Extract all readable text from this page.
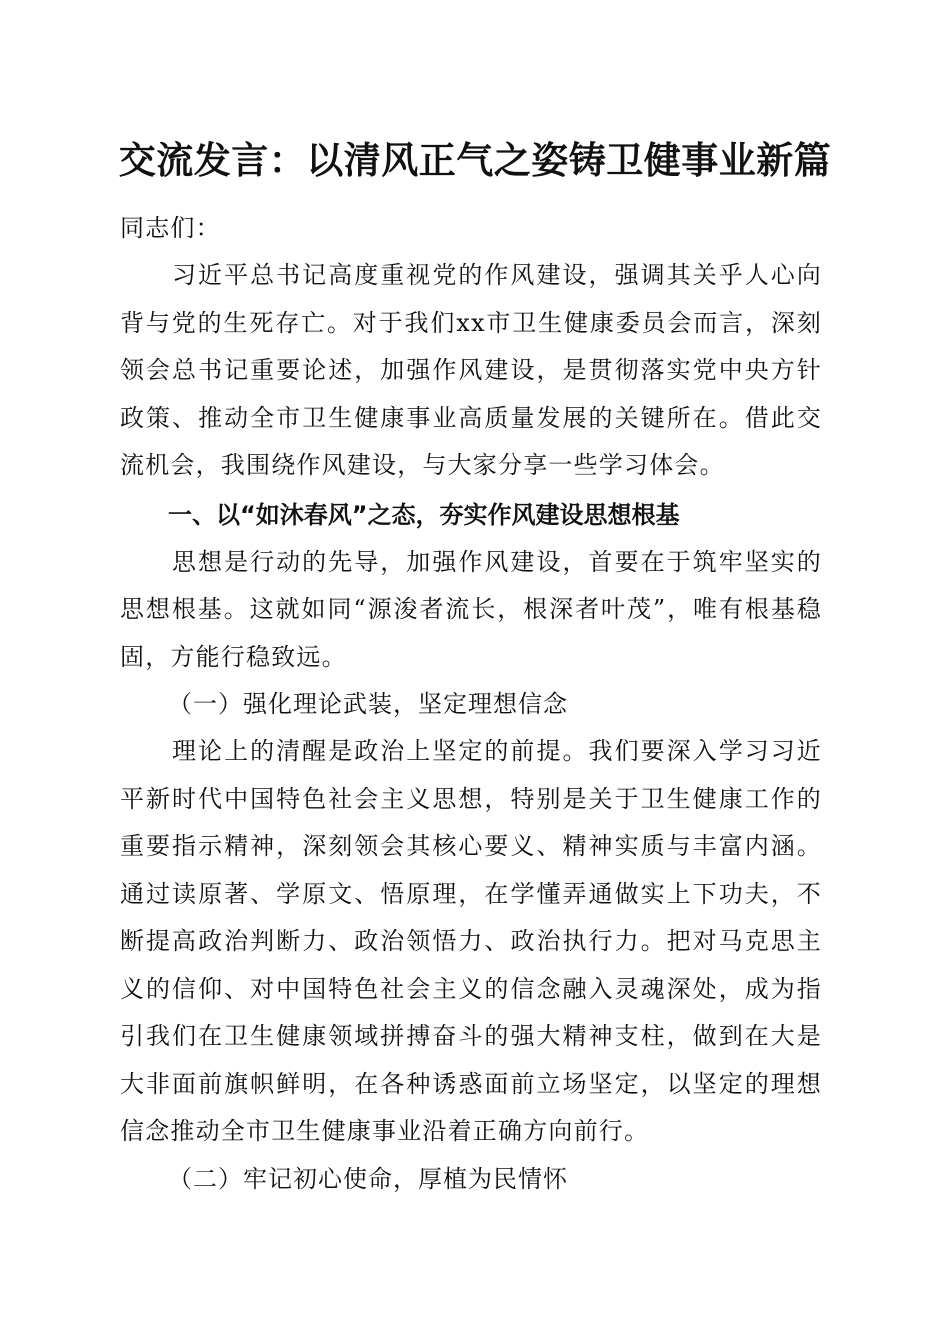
交流发言：以清风正气之姿铸卫健事业新篇

同志们：

习近平总书记高度重视党的作风建设，强调其关乎人心向背与党的生死存亡。对于我们xx市卫生健康委员会而言，深刻领会总书记重要论述，加强作风建设，是贯彻落实党中央方针政策、推动全市卫生健康事业高质量发展的关键所在。借此交流机会，我围绕作风建设，与大家分享一些学习体会。

一、以“如沐春风”之态，夯实作风建设思想根基

思想是行动的先导，加强作风建设，首要在于筑牢坚实的思想根基。这就如同“源浚者流长，根深者叶茂”，唯有根基稳固，方能行稳致远。

（一）强化理论武装，坚定理想信念

理论上的清醒是政治上坚定的前提。我们要深入学习习近平新时代中国特色社会主义思想，特别是关于卫生健康工作的重要指示精神，深刻领会其核心要义、精神实质与丰富内涵。通过读原著、学原文、悟原理，在学懂弄通做实上下功夫，不断提高政治判断力、政治领悟力、政治执行力。把对马克思主义的信仰、对中国特色社会主义的信念融入灵魂深处，成为指引我们在卫生健康领域拼搏奋斗的强大精神支柱，做到在大是大非面前旗帜鲜明，在各种诱惑面前立场坚定，以坚定的理想信念推动全市卫生健康事业沿着正确方向前行。

（二）牢记初心使命，厚植为民情怀
